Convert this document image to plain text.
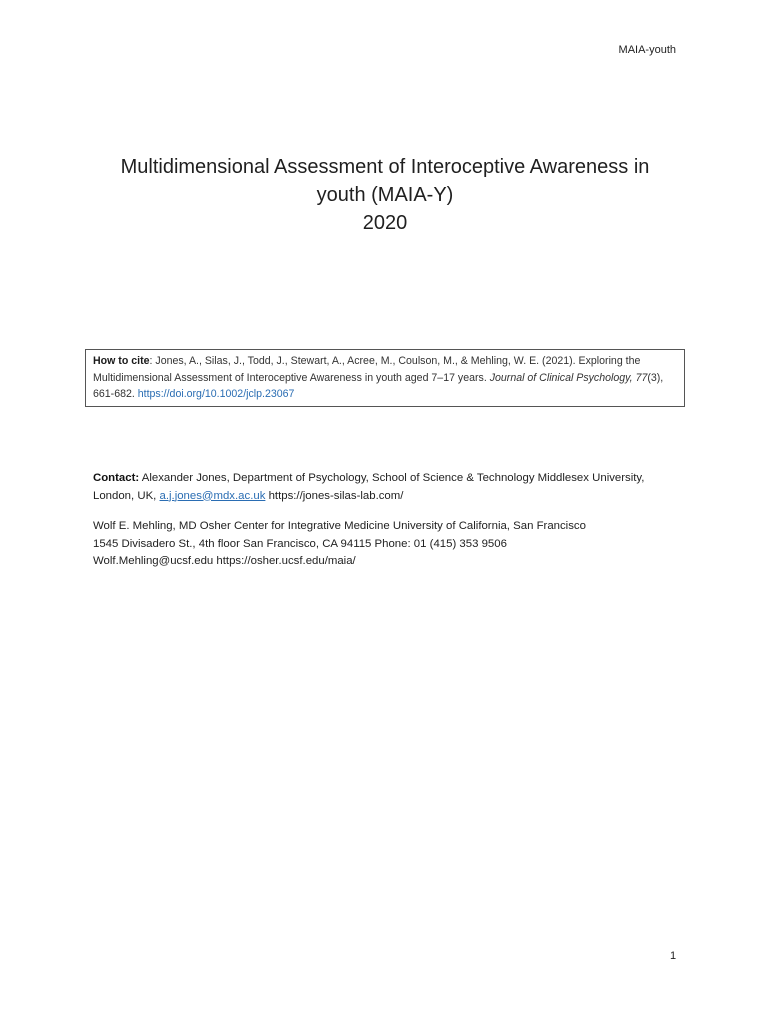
MAIA-youth
Multidimensional Assessment of Interoceptive Awareness in
youth (MAIA-Y)
2020
How to cite: Jones, A., Silas, J., Todd, J., Stewart, A., Acree, M., Coulson, M., & Mehling, W. E. (2021). Exploring the Multidimensional Assessment of Interoceptive Awareness in youth aged 7–17 years. Journal of Clinical Psychology, 77(3), 661-682. https://doi.org/10.1002/jclp.23067
Contact: Alexander Jones, Department of Psychology, School of Science & Technology Middlesex University, London, UK, a.j.jones@mdx.ac.uk https://jones-silas-lab.com/
Wolf E. Mehling, MD Osher Center for Integrative Medicine University of California, San Francisco
1545 Divisadero St., 4th floor San Francisco, CA 94115 Phone: 01 (415) 353 9506
Wolf.Mehling@ucsf.edu https://osher.ucsf.edu/maia/
1
